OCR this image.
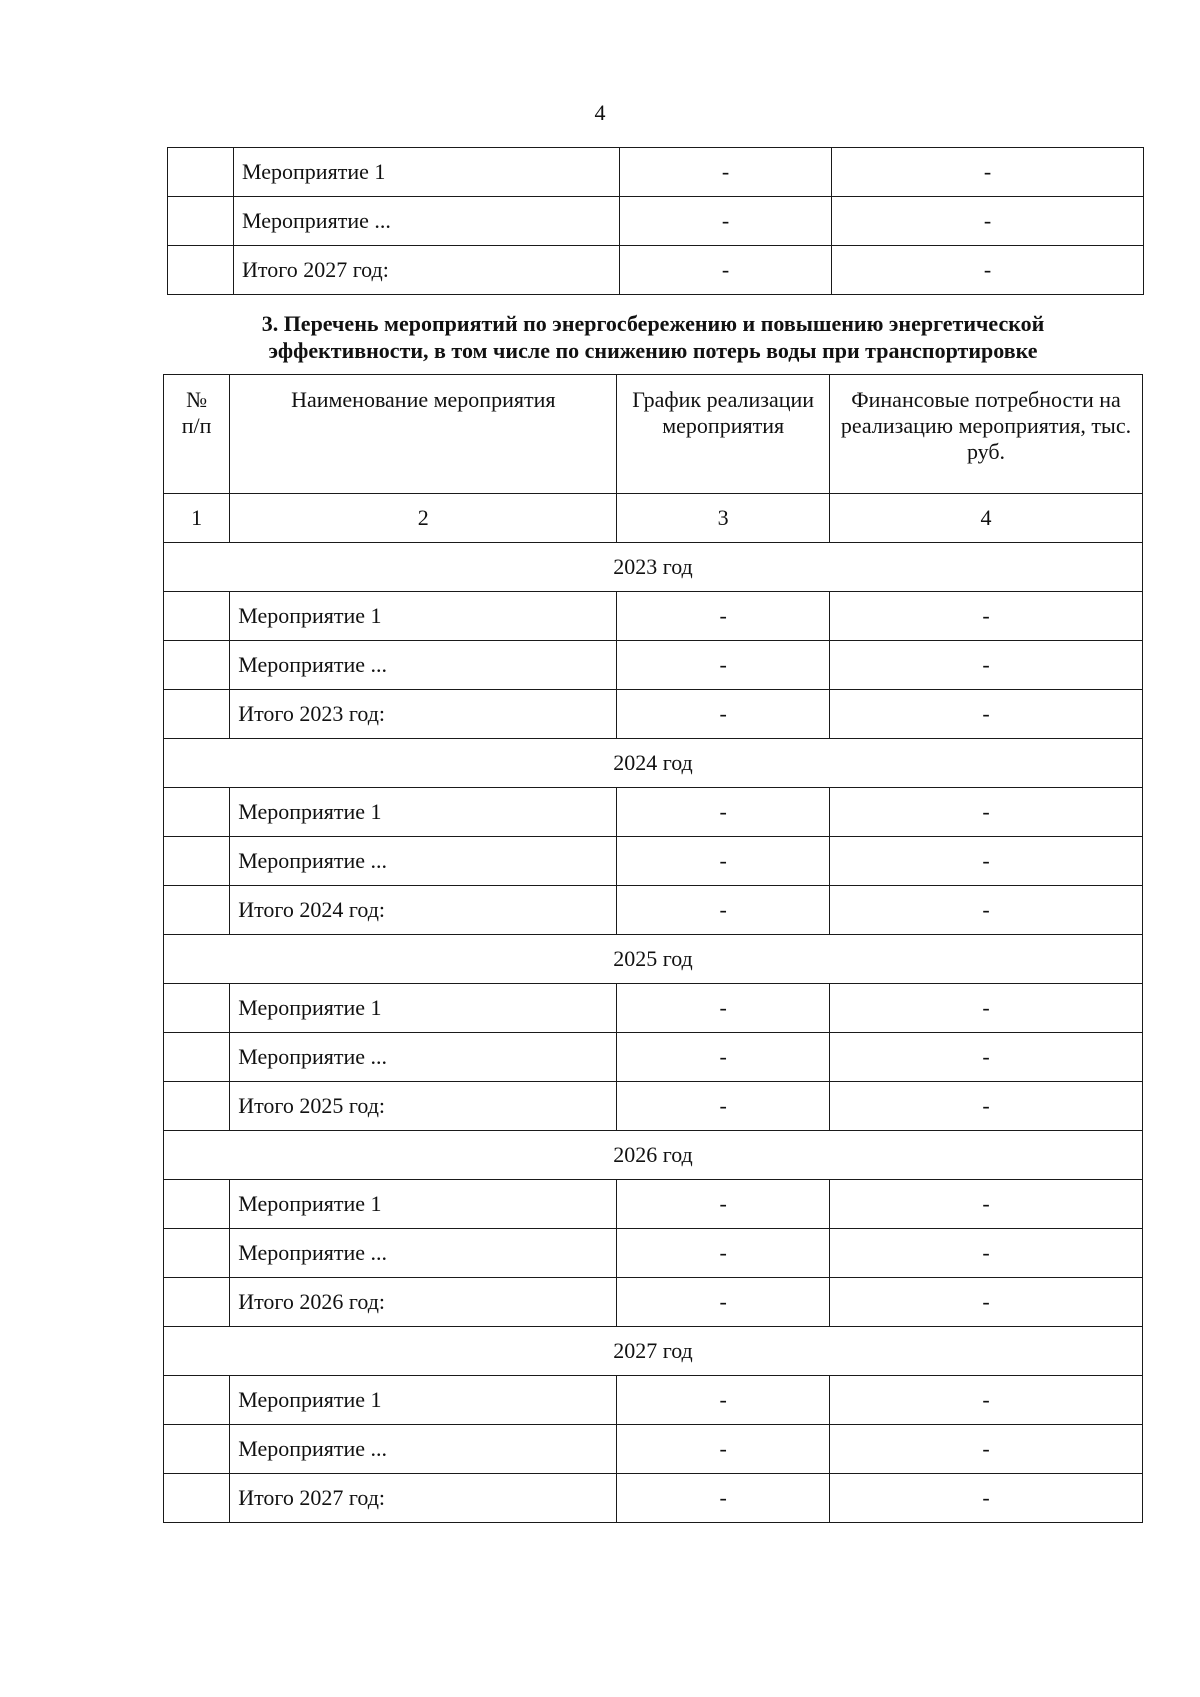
4
	Мероприятие 1	-	-
	Мероприятие ...	-	-
	Итого 2027 год:	-	-
3. Перечень мероприятий по энергосбережению и повышению энергетической
эффективности, в том числе по снижению потерь воды при транспортировке
№ п/п	Наименование мероприятия	График реализации мероприятия	Финансовые потребности на реализацию мероприятия, тыс. руб.
1	2	3	4
2023 год			
	Мероприятие 1	-	-
	Мероприятие ...	-	-
	Итого 2023 год:	-	-
2024 год			
	Мероприятие 1	-	-
	Мероприятие ...	-	-
	Итого 2024 год:	-	-
2025 год			
	Мероприятие 1	-	-
	Мероприятие ...	-	-
	Итого 2025 год:	-	-
2026 год			
	Мероприятие 1	-	-
	Мероприятие ...	-	-
	Итого 2026 год:	-	-
2027 год			
	Мероприятие 1	-	-
	Мероприятие ...	-	-
	Итого 2027 год:	-	-
